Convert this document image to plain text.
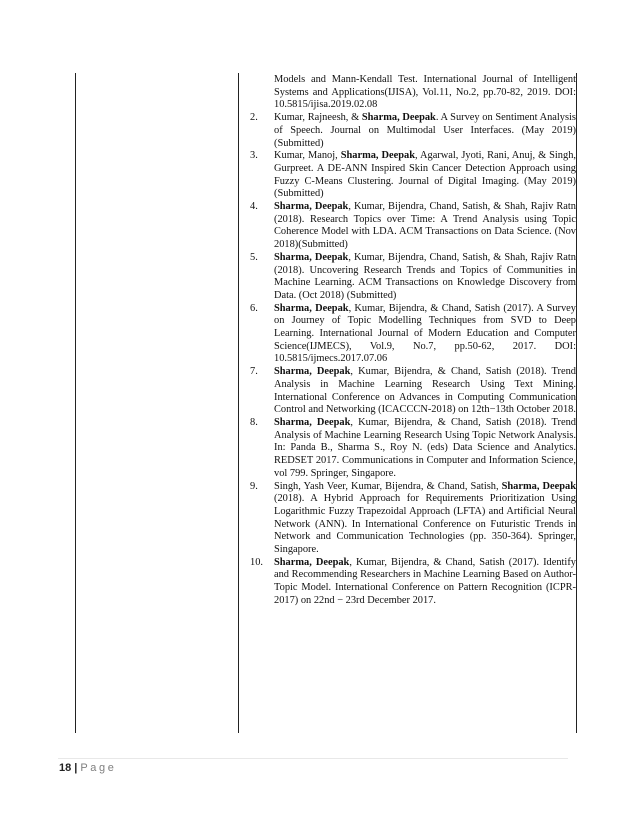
Models and Mann-Kendall Test. International Journal of Intelligent Systems and Applications(IJISA), Vol.11, No.2, pp.70-82, 2019. DOI: 10.5815/ijisa.2019.02.08
2. Kumar, Rajneesh, & Sharma, Deepak. A Survey on Sentiment Analysis of Speech. Journal on Multimodal User Interfaces. (May 2019)(Submitted)
3. Kumar, Manoj, Sharma, Deepak, Agarwal, Jyoti, Rani, Anuj, & Singh, Gurpreet. A DE-ANN Inspired Skin Cancer Detection Approach using Fuzzy C-Means Clustering. Journal of Digital Imaging. (May 2019)(Submitted)
4. Sharma, Deepak, Kumar, Bijendra, Chand, Satish, & Shah, Rajiv Ratn (2018). Research Topics over Time: A Trend Analysis using Topic Coherence Model with LDA. ACM Transactions on Data Science. (Nov 2018)(Submitted)
5. Sharma, Deepak, Kumar, Bijendra, Chand, Satish, & Shah, Rajiv Ratn (2018). Uncovering Research Trends and Topics of Communities in Machine Learning. ACM Transactions on Knowledge Discovery from Data. (Oct 2018) (Submitted)
6. Sharma, Deepak, Kumar, Bijendra, & Chand, Satish (2017). A Survey on Journey of Topic Modelling Techniques from SVD to Deep Learning. International Journal of Modern Education and Computer Science(IJMECS), Vol.9, No.7, pp.50-62, 2017. DOI: 10.5815/ijmecs.2017.07.06
7. Sharma, Deepak, Kumar, Bijendra, & Chand, Satish (2018). Trend Analysis in Machine Learning Research Using Text Mining. International Conference on Advances in Computing Communication Control and Networking (ICACCCN-2018) on 12th−13th October 2018.
8. Sharma, Deepak, Kumar, Bijendra, & Chand, Satish (2018). Trend Analysis of Machine Learning Research Using Topic Network Analysis. In: Panda B., Sharma S., Roy N. (eds) Data Science and Analytics. REDSET 2017. Communications in Computer and Information Science, vol 799. Springer, Singapore.
9. Singh, Yash Veer, Kumar, Bijendra, & Chand, Satish, Sharma, Deepak (2018). A Hybrid Approach for Requirements Prioritization Using Logarithmic Fuzzy Trapezoidal Approach (LFTA) and Artificial Neural Network (ANN). In International Conference on Futuristic Trends in Network and Communication Technologies (pp. 350-364). Springer, Singapore.
10. Sharma, Deepak, Kumar, Bijendra, & Chand, Satish (2017). Identify and Recommending Researchers in Machine Learning Based on Author-Topic Model. International Conference on Pattern Recognition (ICPR-2017) on 22nd − 23rd December 2017.
18 | Page
